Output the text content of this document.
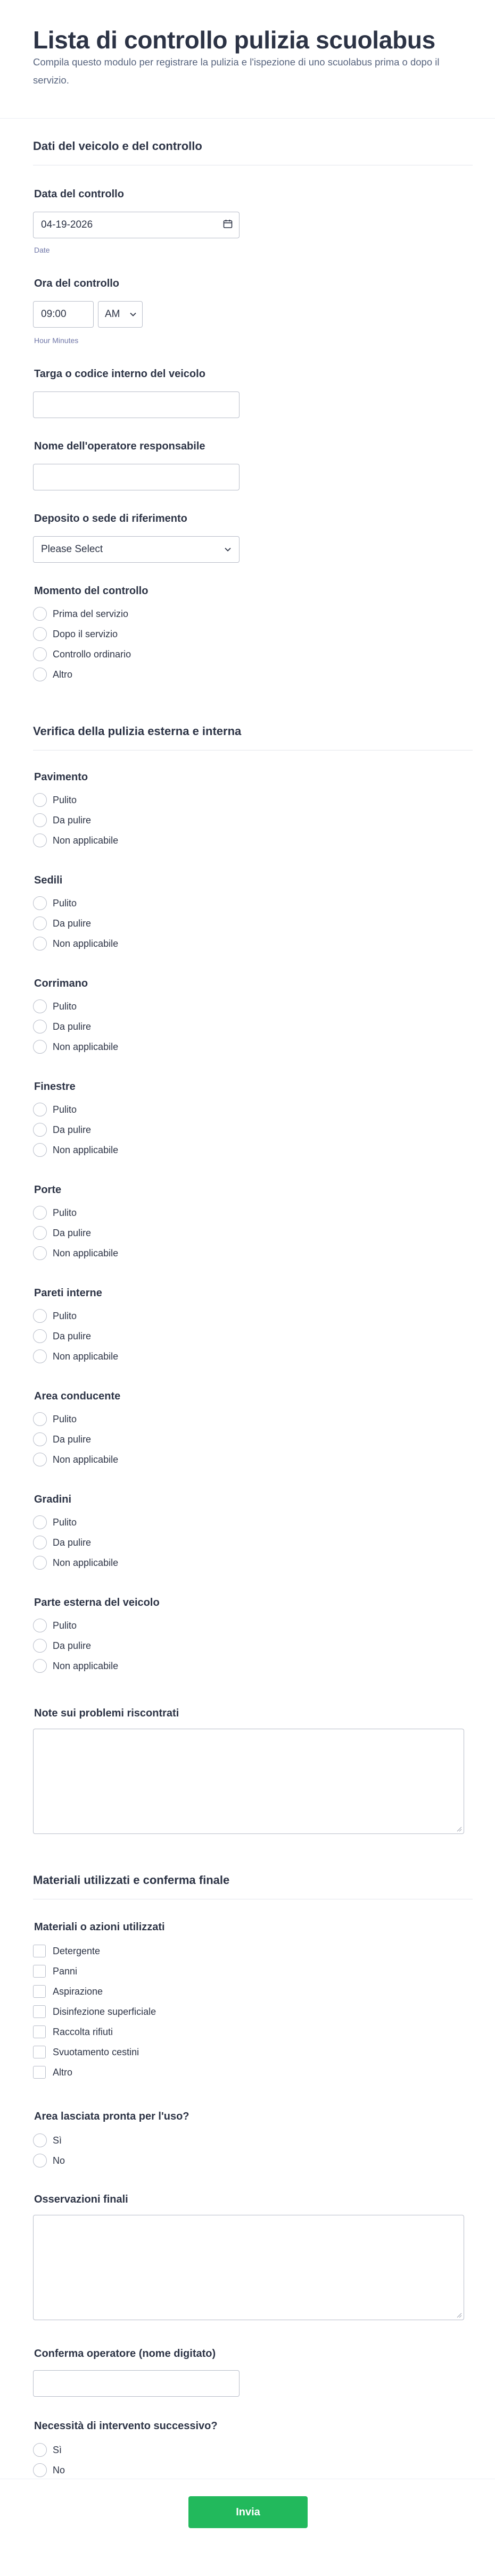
Lista di controllo pulizia scuolabus

Compila questo modulo per registrare la pulizia e l'ispezione di uno scuolabus prima o dopo il servizio.

Dati del veicolo e del controllo
Data del controllo
04-19-2026
Date
Ora del controllo
09:00	AM
Hour Minutes
Targa o codice interno del veicolo
Nome dell'operatore responsabile
Deposito o sede di riferimento
Please Select
Momento del controllo
Prima del servizio
Dopo il servizio
Controllo ordinario
Altro
Verifica della pulizia esterna e interna
Pavimento
Pulito
Da pulire
Non applicabile
Sedili
Pulito
Da pulire
Non applicabile
Corrimano
Pulito
Da pulire
Non applicabile
Finestre
Pulito
Da pulire
Non applicabile
Porte
Pulito
Da pulire
Non applicabile
Pareti interne
Pulito
Da pulire
Non applicabile
Area conducente
Pulito
Da pulire
Non applicabile
Gradini
Pulito
Da pulire
Non applicabile
Parte esterna del veicolo
Pulito
Da pulire
Non applicabile
Note sui problemi riscontrati
Materiali utilizzati e conferma finale
Materiali o azioni utilizzati
Detergente
Panni
Aspirazione
Disinfezione superficiale
Raccolta rifiuti
Svuotamento cestini
Altro
Area lasciata pronta per l'uso?
Sì
No
Osservazioni finali
Conferma operatore (nome digitato)
Necessità di intervento successivo?
Sì
No
Invia
